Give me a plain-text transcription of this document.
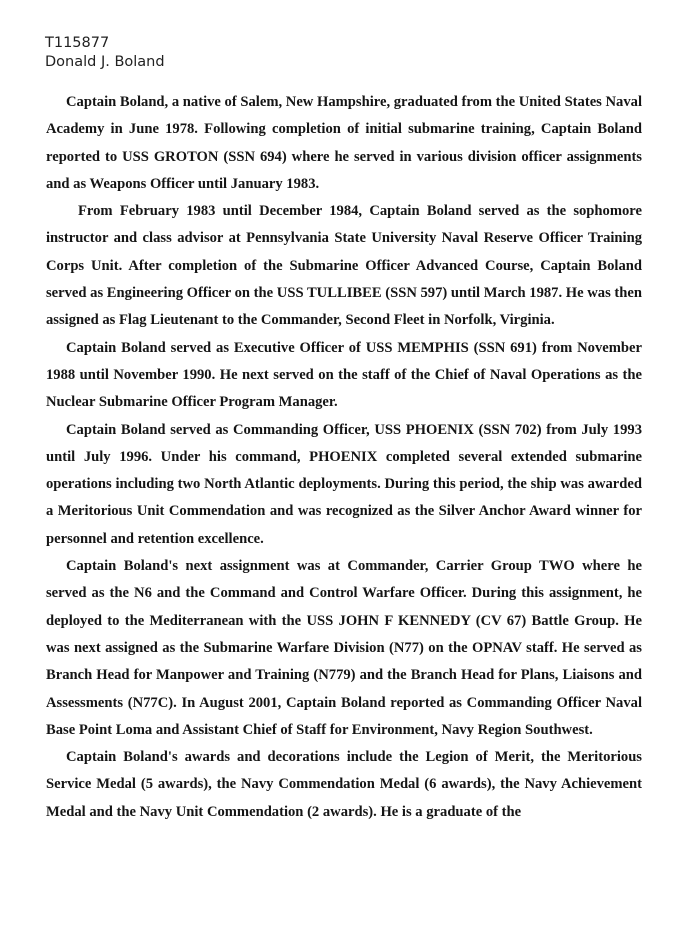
T115877
Donald J. Boland

Captain Boland, a native of Salem, New Hampshire, graduated from the United States Naval Academy in June 1978. Following completion of initial submarine training, Captain Boland reported to USS GROTON (SSN 694) where he served in various division officer assignments and as Weapons Officer until January 1983.

From February 1983 until December 1984, Captain Boland served as the sophomore instructor and class advisor at Pennsylvania State University Naval Reserve Officer Training Corps Unit. After completion of the Submarine Officer Advanced Course, Captain Boland served as Engineering Officer on the USS TULLIBEE (SSN 597) until March 1987. He was then assigned as Flag Lieutenant to the Commander, Second Fleet in Norfolk, Virginia.

Captain Boland served as Executive Officer of USS MEMPHIS (SSN 691) from November 1988 until November 1990. He next served on the staff of the Chief of Naval Operations as the Nuclear Submarine Officer Program Manager.

Captain Boland served as Commanding Officer, USS PHOENIX (SSN 702) from July 1993 until July 1996. Under his command, PHOENIX completed several extended submarine operations including two North Atlantic deployments. During this period, the ship was awarded a Meritorious Unit Commendation and was recognized as the Silver Anchor Award winner for personnel and retention excellence.

Captain Boland's next assignment was at Commander, Carrier Group TWO where he served as the N6 and the Command and Control Warfare Officer. During this assignment, he deployed to the Mediterranean with the USS JOHN F KENNEDY (CV 67) Battle Group. He was next assigned as the Submarine Warfare Division (N77) on the OPNAV staff. He served as Branch Head for Manpower and Training (N779) and the Branch Head for Plans, Liaisons and Assessments (N77C). In August 2001, Captain Boland reported as Commanding Officer Naval Base Point Loma and Assistant Chief of Staff for Environment, Navy Region Southwest.

Captain Boland's awards and decorations include the Legion of Merit, the Meritorious Service Medal (5 awards), the Navy Commendation Medal (6 awards), the Navy Achievement Medal and the Navy Unit Commendation (2 awards). He is a graduate of the
